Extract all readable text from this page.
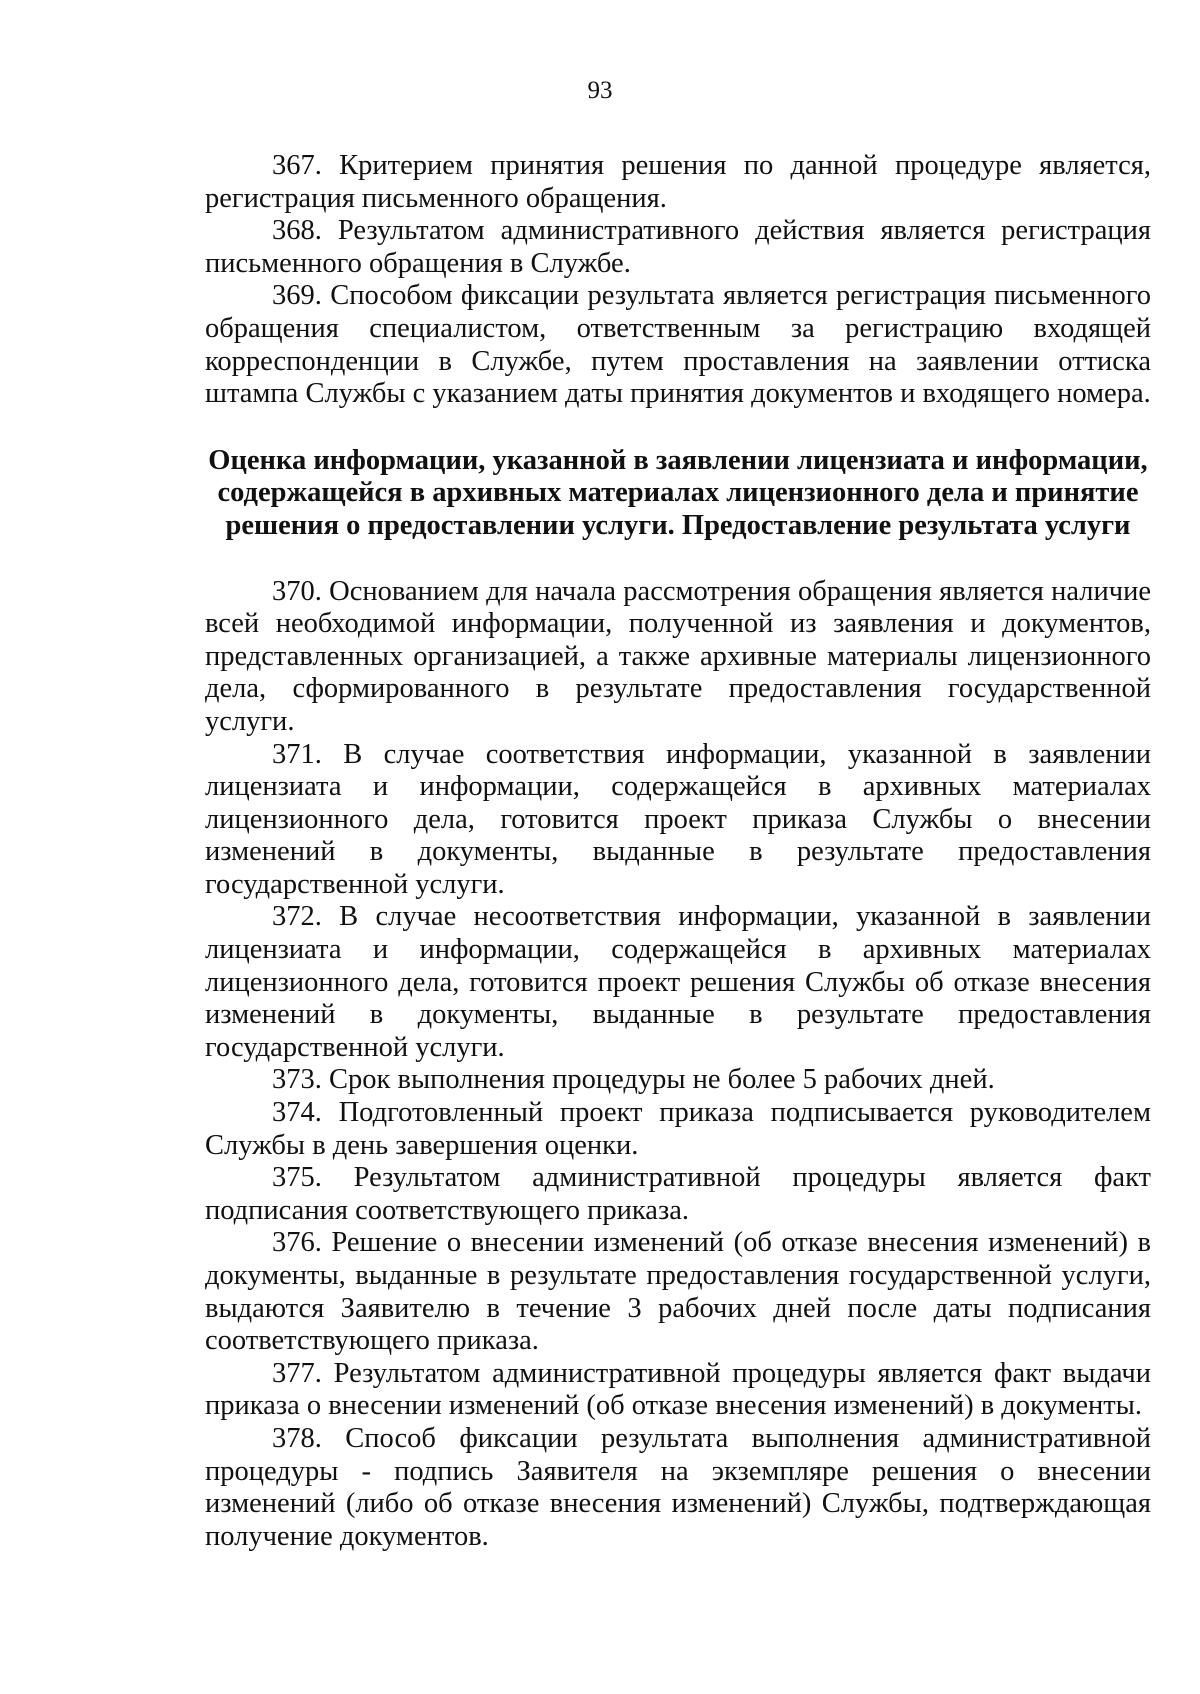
93

367. Критерием принятия решения по данной процедуре является, регистрация письменного обращения.

368. Результатом административного действия является регистрация письменного обращения в Службе.

369. Способом фиксации результата является регистрация письменного обращения специалистом, ответственным за регистрацию входящей корреспонденции в Службе, путем проставления на заявлении оттиска штампа Службы с указанием даты принятия документов и входящего номера.

Оценка информации, указанной в заявлении лицензиата и информации, содержащейся в архивных материалах лицензионного дела и принятие решения о предоставлении услуги. Предоставление результата услуги

370. Основанием для начала рассмотрения обращения является наличие всей необходимой информации, полученной из заявления и документов, представленных организацией, а также архивные материалы лицензионного дела, сформированного в результате предоставления государственной услуги.

371. В случае соответствия информации, указанной в заявлении лицензиата и информации, содержащейся в архивных материалах лицензионного дела, готовится проект приказа Службы о внесении изменений в документы, выданные в результате предоставления государственной услуги.

372. В случае несоответствия информации, указанной в заявлении лицензиата и информации, содержащейся в архивных материалах лицензионного дела, готовится проект решения Службы об отказе внесения изменений в документы, выданные в результате предоставления государственной услуги.

373. Срок выполнения процедуры не более 5 рабочих дней.

374. Подготовленный проект приказа подписывается руководителем Службы в день завершения оценки.

375. Результатом административной процедуры является факт подписания соответствующего приказа.

376. Решение о внесении изменений (об отказе внесения изменений) в документы, выданные в результате предоставления государственной услуги, выдаются Заявителю в течение 3 рабочих дней после даты подписания соответствующего приказа.

377. Результатом административной процедуры является факт выдачи приказа о внесении изменений (об отказе внесения изменений) в документы.

378. Способ фиксации результата выполнения административной процедуры - подпись Заявителя на экземпляре решения о внесении изменений (либо об отказе внесения изменений) Службы, подтверждающая получение документов.
